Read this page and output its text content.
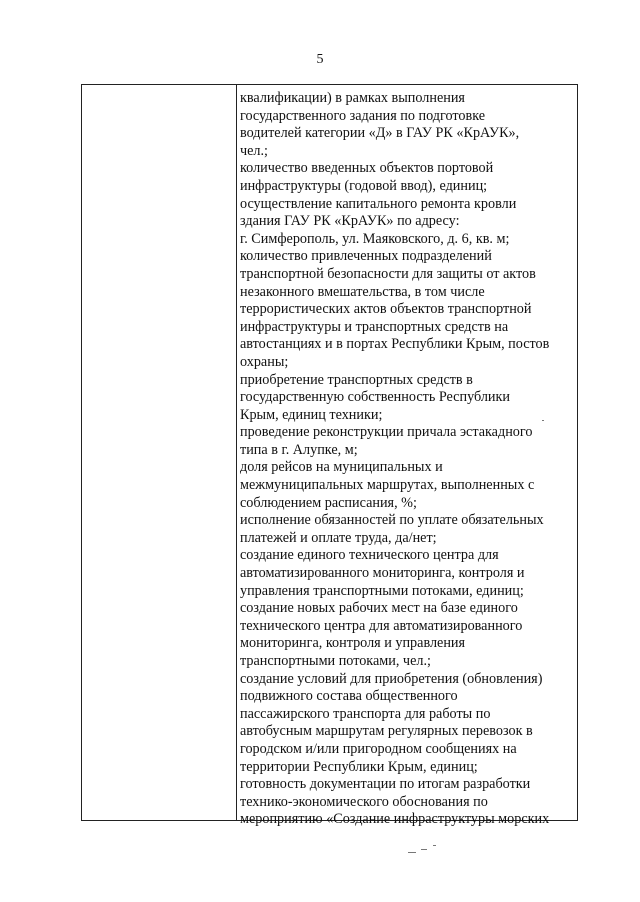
5
квалификации) в рамках выполнения
государственного задания по подготовке
водителей категории «Д» в ГАУ РК «КрАУК»,
чел.;
количество введенных объектов портовой
инфраструктуры (годовой ввод), единиц;
осуществление капитального ремонта кровли
здания ГАУ РК «КрАУК» по адресу:
г. Симферополь, ул. Маяковского, д. 6, кв. м;
количество привлеченных подразделений
транспортной безопасности для защиты от актов
незаконного вмешательства, в том числе
террористических актов объектов транспортной
инфраструктуры и транспортных средств на
автостанциях и в портах Республики Крым, постов
охраны;
приобретение транспортных средств в
государственную собственность Республики
Крым, единиц техники;
проведение реконструкции причала эстакадного
типа в г. Алупке, м;
доля рейсов на муниципальных и
межмуниципальных маршрутах, выполненных с
соблюдением расписания, %;
исполнение обязанностей по уплате обязательных
платежей и оплате труда, да/нет;
создание единого технического центра для
автоматизированного мониторинга, контроля и
управления транспортными потоками, единиц;
создание новых рабочих мест на базе единого
технического центра для автоматизированного
мониторинга, контроля и управления
транспортными потоками, чел.;
создание условий для приобретения (обновления)
подвижного состава общественного
пассажирского транспорта для работы по
автобусным маршрутам регулярных перевозок в
городском и/или пригородном сообщениях на
территории Республики Крым, единиц;
готовность документации по итогам разработки
технико-экономического обоснования по
мероприятию «Создание инфраструктуры морских
